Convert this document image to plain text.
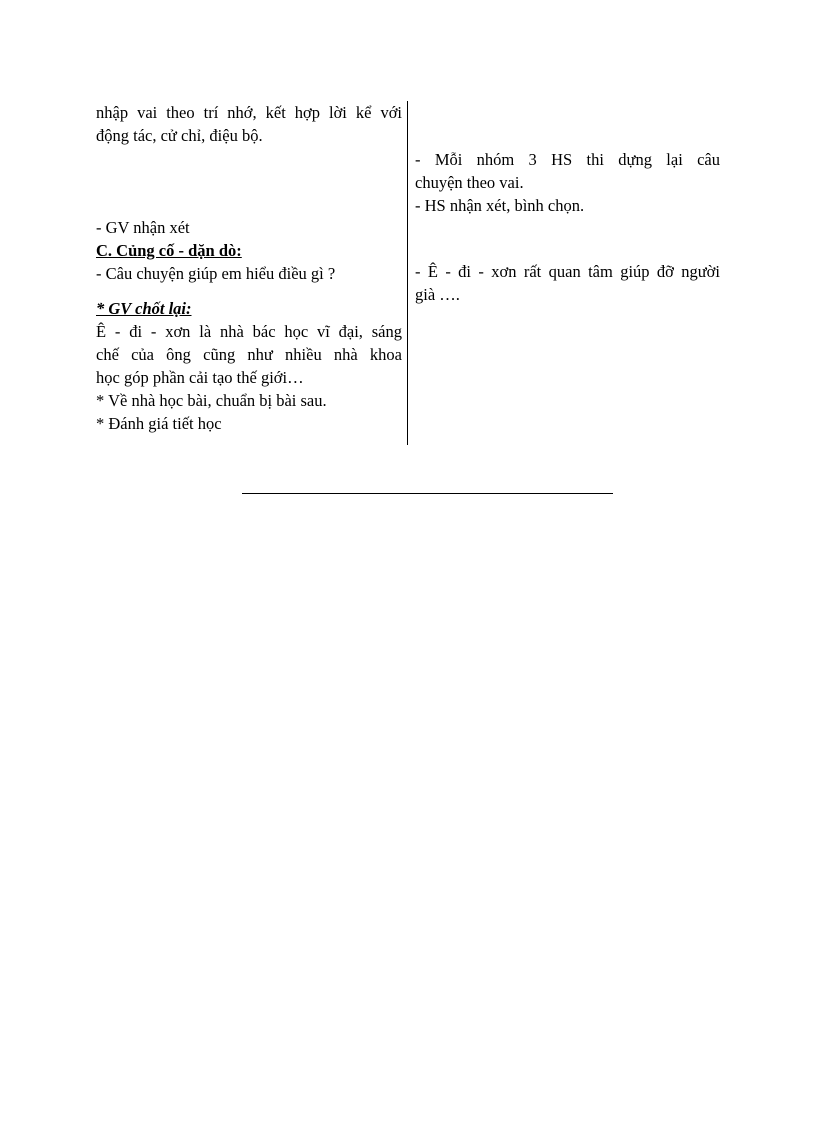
nhập vai theo trí nhớ, kết hợp lời kể với
động tác, cử chỉ, điệu bộ.
- GV nhận xét
C. Củng cố - dặn dò:
- Câu chuyện giúp em hiểu điều gì ?
* GV chốt lại:
Ê - đi - xơn là nhà bác học vĩ đại, sáng
chế của ông cũng như nhiều nhà khoa
học góp phần cải tạo thế giới…
* Về nhà học bài, chuẩn bị bài sau.
* Đánh giá tiết học
- Mỗi nhóm 3 HS thi dựng lại câu
chuyện theo vai.
- HS nhận xét, bình chọn.
- Ê - đi - xơn rất quan tâm giúp đỡ người
già ….
